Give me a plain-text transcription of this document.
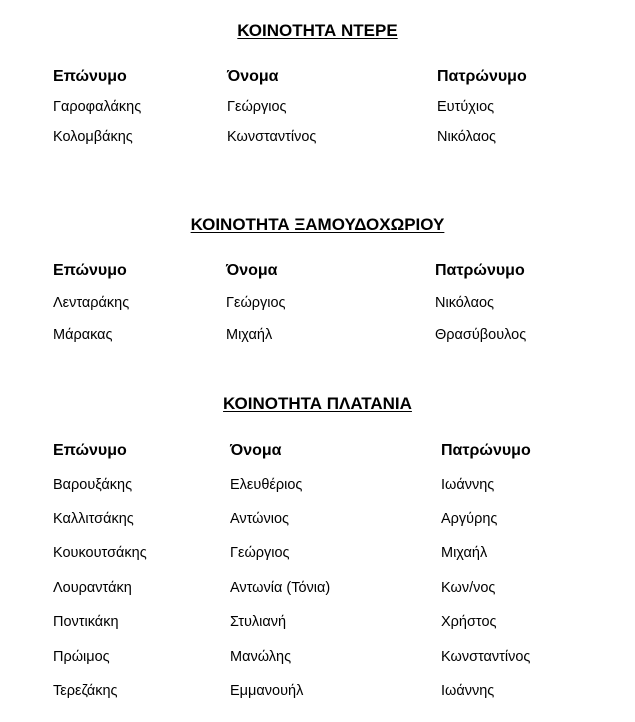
ΚΟΙΝΟΤΗΤΑ ΝΤΕΡΕ
Επώνυμο	Όνομα	Πατρώνυμο
Γαροφαλάκης	Γεώργιος	Ευτύχιος
Κολομβάκης	Κωνσταντίνος	Νικόλαος
ΚΟΙΝΟΤΗΤΑ ΞΑΜΟΥΔΟΧΩΡΙΟΥ
Επώνυμο	Όνομα	Πατρώνυμο
Λενταράκης	Γεώργιος	Νικόλαος
Μάρακας	Μιχαήλ	Θρασύβουλος
ΚΟΙΝΟΤΗΤΑ ΠΛΑΤΑΝΙΑ
Επώνυμο	Όνομα	Πατρώνυμο
Βαρουξάκης	Ελευθέριος	Ιωάννης
Καλλιτσάκης	Αντώνιος	Αργύρης
Κουκουτσάκης	Γεώργιος	Μιχαήλ
Λουραντάκη	Αντωνία (Τόνια)	Κων/νος
Ποντικάκη	Στυλιανή	Χρήστος
Πρώιμος	Μανώλης	Κωνσταντίνος
Τερεζάκης	Εμμανουήλ	Ιωάννης
